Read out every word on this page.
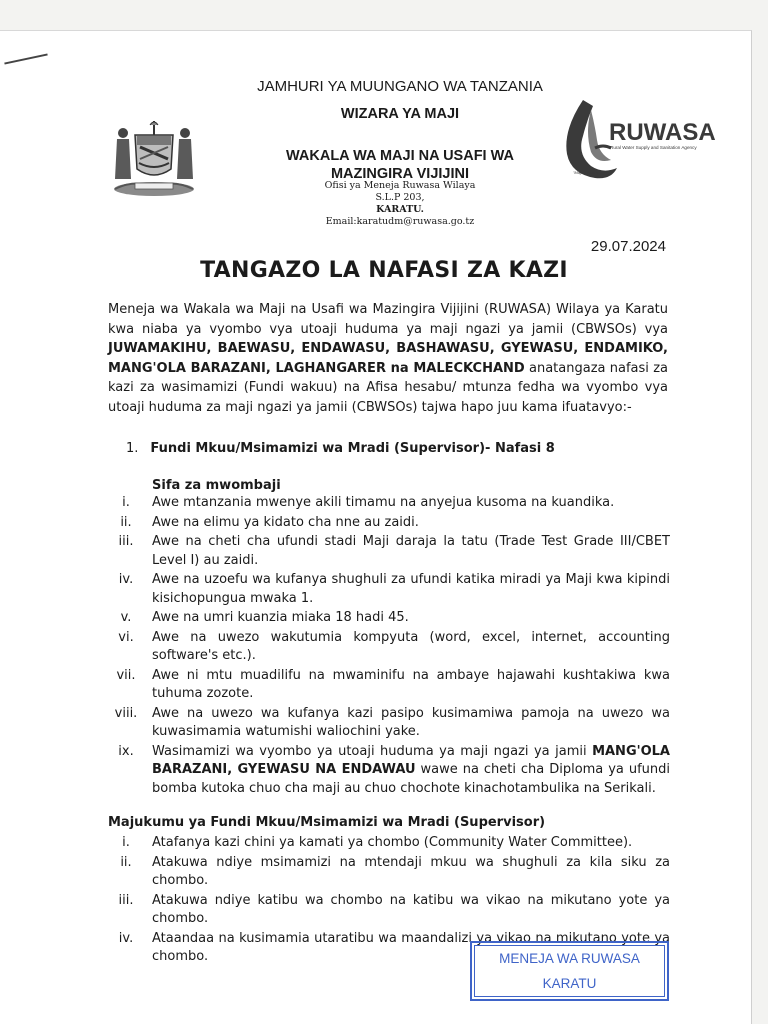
JAMHURI YA MUUNGANO WA TANZANIA
WIZARA YA MAJI
WAKALA WA MAJI NA USAFI WA
MAZINGIRA VIJIJINI
Ofisi ya Meneja Ruwasa Wilaya
S.L.P 203,
KARATU.
Email:karatudm@ruwasa.go.tz
RUWASA
Rural Water Supply and Sanitation Agency
"Maji Bombani"
29.07.2024
TANGAZO LA NAFASI ZA KAZI
Meneja wa Wakala wa Maji na Usafi wa Mazingira Vijijini (RUWASA) Wilaya ya Karatu kwa niaba ya vyombo vya utoaji huduma ya maji ngazi ya jamii (CBWSOs) vya JUWAMAKIHU, BAEWASU, ENDAWASU, BASHAWASU, GYEWASU, ENDAMIKO, MANG'OLA BARAZANI, LAGHANGARER na MALECKCHAND anatangaza nafasi za kazi za wasimamizi (Fundi wakuu) na Afisa hesabu/ mtunza fedha wa vyombo vya utoaji huduma za maji ngazi ya jamii (CBWSOs) tajwa hapo juu kama ifuatavyo:-
1. Fundi Mkuu/Msimamizi wa Mradi (Supervisor)- Nafasi 8
Sifa za mwombaji
i.	Awe mtanzania mwenye akili timamu na anyejua kusoma na kuandika.
ii.	Awe na elimu ya kidato cha nne au zaidi.
iii.	Awe na cheti cha ufundi stadi Maji daraja la tatu (Trade Test Grade III/CBET Level I) au zaidi.
iv.	Awe na uzoefu wa kufanya shughuli za ufundi katika miradi ya Maji kwa kipindi kisichopungua mwaka 1.
v.	Awe na umri kuanzia miaka 18 hadi 45.
vi.	Awe na uwezo wakutumia kompyuta (word, excel, internet, accounting software's etc.).
vii.	Awe ni mtu muadilifu na mwaminifu na ambaye hajawahi kushtakiwa kwa tuhuma zozote.
viii.	Awe na uwezo wa kufanya kazi pasipo kusimamiwa pamoja na uwezo wa kuwasimamia watumishi waliochini yake.
ix.	Wasimamizi wa vyombo ya utoaji huduma ya maji ngazi ya jamii MANG'OLA BARAZANI, GYEWASU NA ENDAWAU wawe na cheti cha Diploma ya ufundi bomba kutoka chuo cha maji au chuo chochote kinachotambulika na Serikali.
Majukumu ya Fundi Mkuu/Msimamizi wa Mradi (Supervisor)
i.	Atafanya kazi chini ya kamati ya chombo (Community Water Committee).
ii.	Atakuwa ndiye msimamizi na mtendaji mkuu wa shughuli za kila siku za chombo.
iii.	Atakuwa ndiye katibu wa chombo na katibu wa vikao na mikutano yote ya chombo.
iv.	Ataandaa na kusimamia utaratibu wa maandalizi ya vikao na mikutano yote ya chombo.	MENEJA WA RUWASA
KARATU
